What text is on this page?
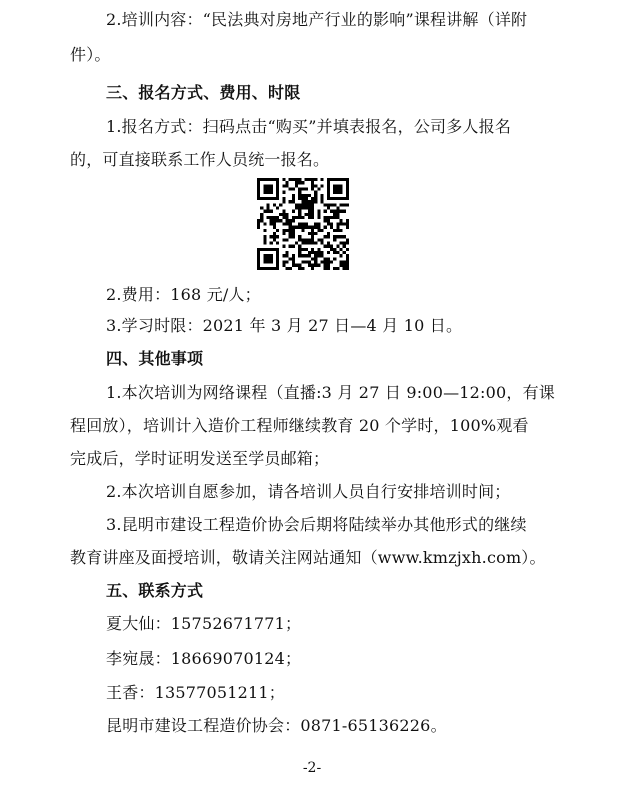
2.培训内容：“民法典对房地产行业的影响”课程讲解（详附
件）。
三、报名方式、费用、时限
1.报名方式：扫码点击“购买”并填表报名，公司多人报名
的，可直接联系工作人员统一报名。
2.费用：168 元/人；
3.学习时限：2021 年 3 月 27 日—4 月 10 日。
四、其他事项
1.本次培训为网络课程（直播:3 月 27 日 9:00—12:00，有课
程回放），培训计入造价工程师继续教育 20 个学时，100%观看
完成后，学时证明发送至学员邮箱；
2.本次培训自愿参加，请各培训人员自行安排培训时间；
3.昆明市建设工程造价协会后期将陆续举办其他形式的继续
教育讲座及面授培训，敬请关注网站通知（www.kmzjxh.com）。
五、联系方式
夏大仙：15752671771；
李宛晟：18669070124；
王香：13577051211；
昆明市建设工程造价协会：0871-65136226。
-2-
